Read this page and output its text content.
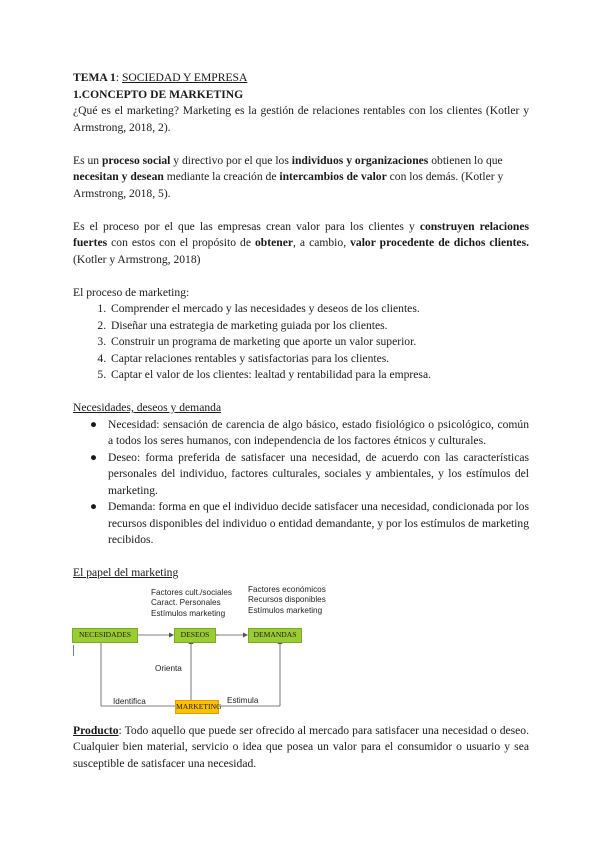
TEMA 1: SOCIEDAD Y EMPRESA

1.CONCEPTO DE MARKETING

¿Qué es el marketing? Marketing es la gestión de relaciones rentables con los clientes (Kotler y Armstrong, 2018, 2).

Es un proceso social y directivo por el que los individuos y organizaciones obtienen lo que necesitan y desean mediante la creación de intercambios de valor con los demás. (Kotler y Armstrong, 2018, 5).

Es el proceso por el que las empresas crean valor para los clientes y construyen relaciones fuertes con estos con el propósito de obtener, a cambio, valor procedente de dichos clientes. (Kotler y Armstrong, 2018)

El proceso de marketing:

1. Comprender el mercado y las necesidades y deseos de los clientes.
2. Diseñar una estrategia de marketing guiada por los clientes.
3. Construir un programa de marketing que aporte un valor superior.
4. Captar relaciones rentables y satisfactorias para los clientes.
5. Captar el valor de los clientes: lealtad y rentabilidad para la empresa.

Necesidades, deseos y demanda

● Necesidad: sensación de carencia de algo básico, estado fisiológico o psicológico, común a todos los seres humanos, con independencia de los factores étnicos y culturales.
● Deseo: forma preferida de satisfacer una necesidad, de acuerdo con las características personales del individuo, factores culturales, sociales y ambientales, y los estímulos del marketing.
● Demanda: forma en que el individuo decide satisfacer una necesidad, condicionada por los recursos disponibles del individuo o entidad demandante, y por los estímulos de marketing recibidos.

El papel del marketing

Factores cult./sociales
Caract. Personales
Estímulos marketing
Factores económicos
Recursos disponibles
Estímulos marketing
NECESIDADES	DESEOS	DEMANDAS
MARKETING
Orienta
Identifica	Estimula

Producto: Todo aquello que puede ser ofrecido al mercado para satisfacer una necesidad o deseo. Cualquier bien material, servicio o idea que posea un valor para el consumidor o usuario y sea susceptible de satisfacer una necesidad.
